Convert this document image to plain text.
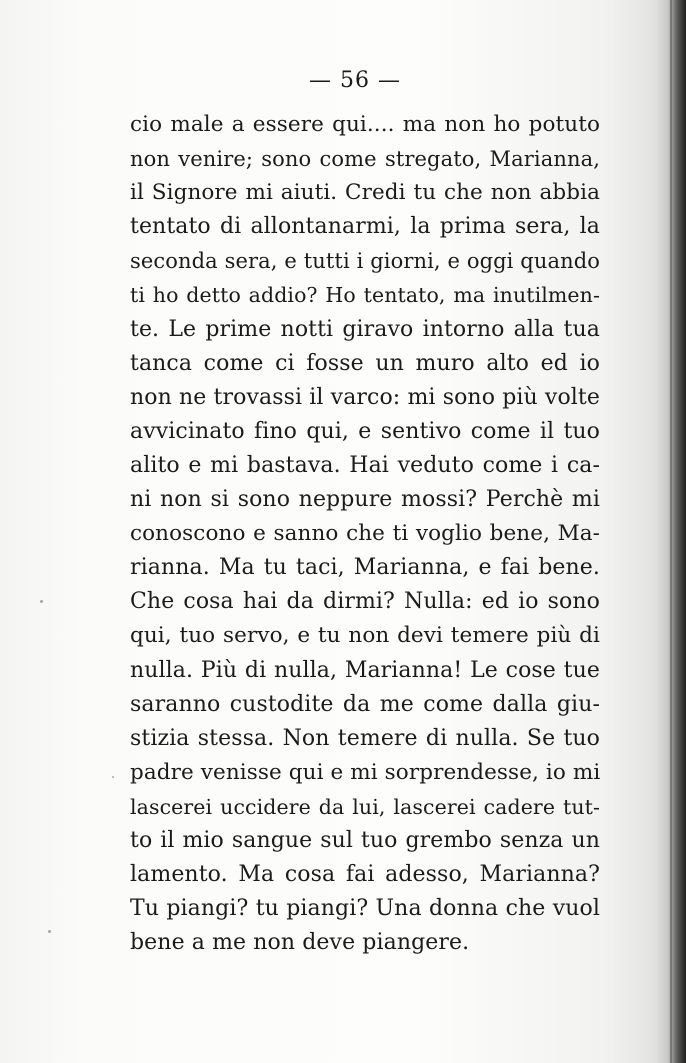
— 56 —
cio male a essere qui.... ma non ho potuto
non venire; sono come stregato, Marianna,
il Signore mi aiuti. Credi tu che non abbia
tentato di allontanarmi, la prima sera, la
seconda sera, e tutti i giorni, e oggi quando
ti ho detto addio? Ho tentato, ma inutilmen-
te. Le prime notti giravo intorno alla tua
tanca come ci fosse un muro alto ed io
non ne trovassi il varco: mi sono più volte
avvicinato fino qui, e sentivo come il tuo
alito e mi bastava. Hai veduto come i ca-
ni non si sono neppure mossi? Perchè mi
conoscono e sanno che ti voglio bene, Ma-
rianna. Ma tu taci, Marianna, e fai bene.
Che cosa hai da dirmi? Nulla: ed io sono
qui, tuo servo, e tu non devi temere più di
nulla. Più di nulla, Marianna! Le cose tue
saranno custodite da me come dalla giu-
stizia stessa. Non temere di nulla. Se tuo
padre venisse qui e mi sorprendesse, io mi
lascerei uccidere da lui, lascerei cadere tut-
to il mio sangue sul tuo grembo senza un
lamento. Ma cosa fai adesso, Marianna?
Tu piangi? tu piangi? Una donna che vuol
bene a me non deve piangere.
